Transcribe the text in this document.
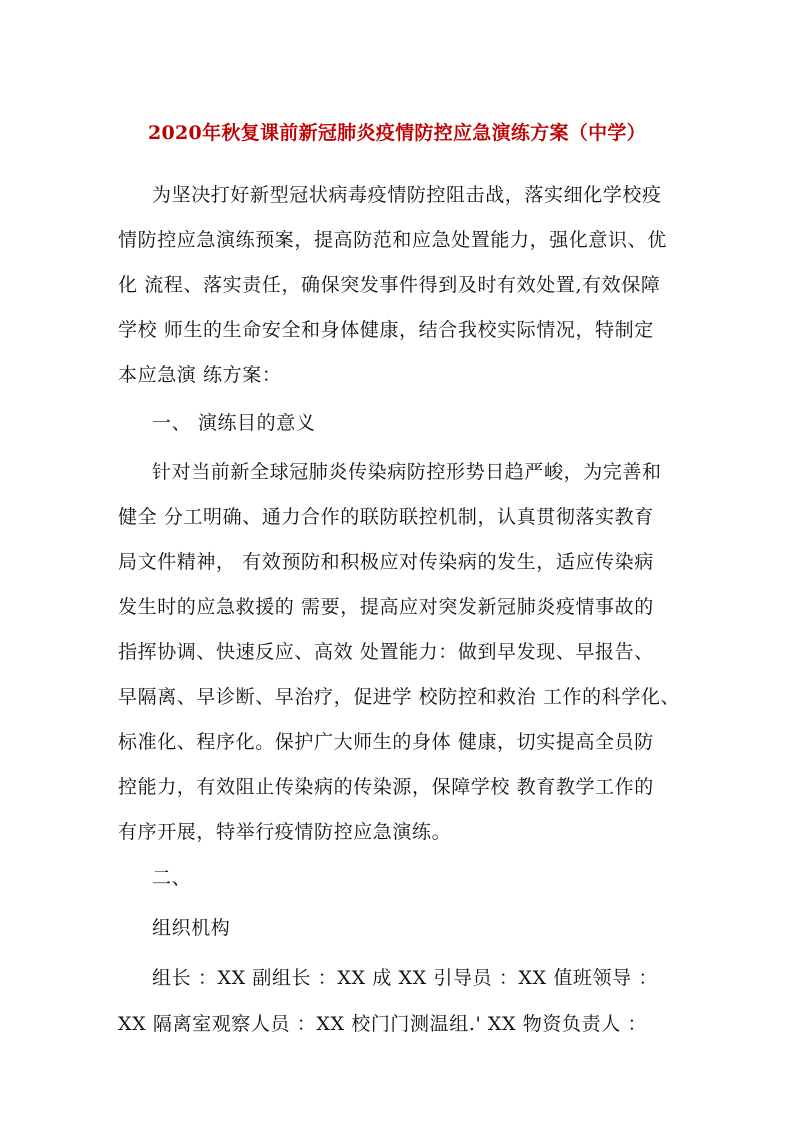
2020年秋复课前新冠肺炎疫情防控应急演练方案（中学）
为坚决打好新型冠状病毒疫情防控阻击战，落实细化学校疫
情防控应急演练预案，提高防范和应急处置能力，强化意识、优
化 流程、落实责任，确保突发事件得到及时有效处置,有效保障
学校 师生的生命安全和身体健康，结合我校实际情况，特制定
本应急演 练方案：
一、 演练目的意义
针对当前新全球冠肺炎传染病防控形势日趋严峻，为完善和
健全 分工明确、通力合作的联防联控机制，认真贯彻落实教育
局文件精神， 有效预防和积极应对传染病的发生，适应传染病
发生时的应急救援的 需要，提高应对突发新冠肺炎疫情事故的
指挥协调、快速反应、高效 处置能力：做到早发现、早报告、
早隔离、早诊断、早治疗，促进学 校防控和救治 工作的科学化、
标准化、程序化。保护广大师生的身体 健康，切实提高全员防
控能力，有效阻止传染病的传染源，保障学校 教育教学工作的
有序开展，特举行疫情防控应急演练。
二、
组织机构
组长 ：XX 副组长 ：XX 成 XX 引导员 ：XX 值班领导 ：
XX 隔离室观察人员 ：XX 校门门测温组.' XX 物资负责人 ：
